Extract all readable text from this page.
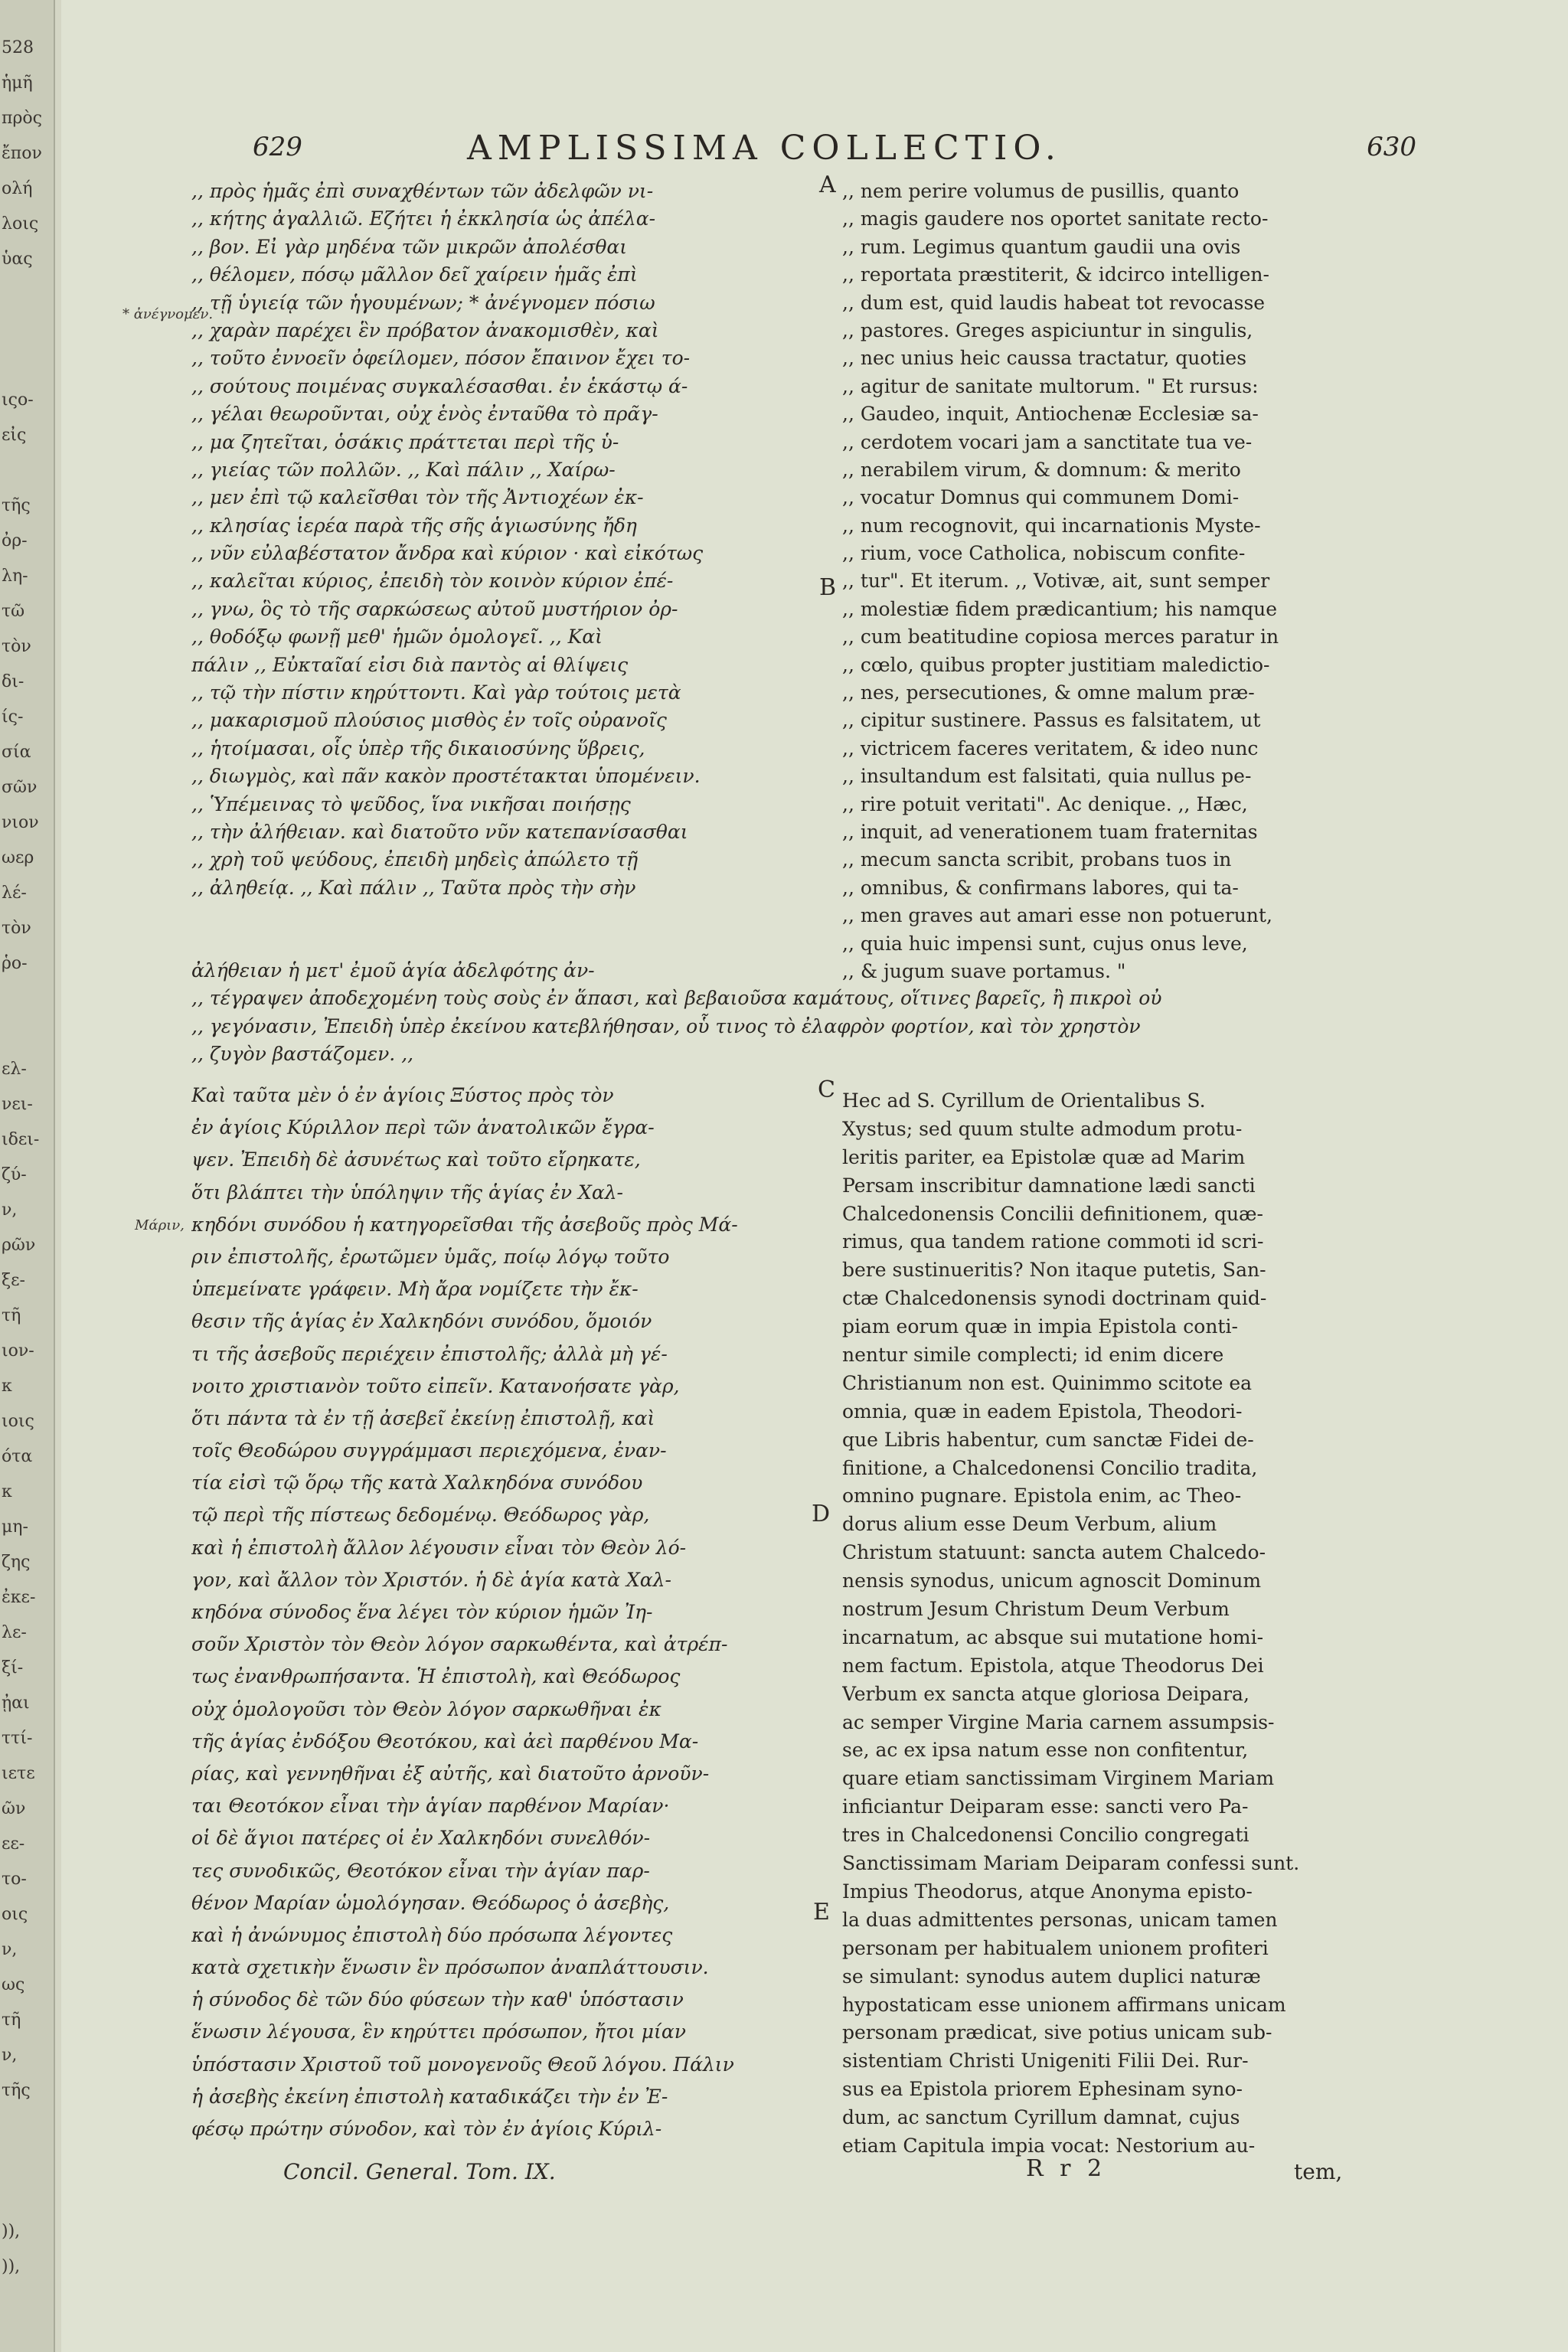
528
ἡμῆ
πρὸς
ἔπον
ολή
λοις
ὑας
ιςο-
εἰς
τῆς
ὀρ-
λη-
τῶ
τὸν
δι-
ίς-
σία
σῶν
νιον
ωερ
λέ-
τὸν
ῥο-
ελ-
νει-
ιδει-
ζύ-
ν,
ρῶν
ξε-
τῆ
ιον-
κ
ιοις
ότα
κ
μη-
ζης
ἐκε-
λε-
ξί-
ᾖαι
ττί-
ιετε
ῶν
εε-
το-
οις
ν,
ως
τῆ
ν,
τῆς
)),
)),
629	AMPLISSIMA COLLECTIO.	630
,, πρὸς ἡμᾶς ἐπὶ συναχθέντων τῶν ἀδελφῶν νι-
,, κήτης ἀγαλλιῶ. Εζήτει ἡ ἐκκλησία ὡς ἀπέλα-
,, βον. Εἰ γὰρ μηδένα τῶν μικρῶν ἀπολέσθαι
,, θέλομεν, πόσῳ μᾶλλον δεῖ χαίρειν ἡμᾶς ἐπὶ
,, τῇ ὑγιείᾳ τῶν ἡγουμένων; * ἀνέγνομεν πόσιω
,, χαρὰν παρέχει ἓν πρόβατον ἀνακομισθὲν, καὶ
,, τοῦτο ἐννοεῖν ὀφείλομεν, πόσον ἔπαινον ἔχει το-
,, σούτους ποιμένας συγκαλέσασθαι. ἐν ἑκάστῳ ά-
,, γέλαι θεωροῦνται, οὐχ ἑνὸς ἐνταῦθα τὸ πρᾶγ-
,, μα ζητεῖται, ὁσάκις πράττεται περὶ τῆς ὑ-
,, γιείας τῶν πολλῶν. ,, Καὶ πάλιν ,, Χαίρω-
,, μεν ἐπὶ τῷ καλεῖσθαι τὸν τῆς Ἀντιοχέων ἐκ-
,, κλησίας ἱερέα παρὰ τῆς σῆς ἁγιωσύνης ἤδη
,, νῦν εὐλαβέστατον ἄνδρα καὶ κύριον · καὶ εἰκότως
,, καλεῖται κύριος, ἐπειδὴ τὸν κοινὸν κύριον ἐπέ-
,, γνω, ὃς τὸ τῆς σαρκώσεως αὐτοῦ μυστήριον ὀρ-
,, θοδόξῳ φωνῇ μεθ' ἡμῶν ὁμολογεῖ. ,, Καὶ
πάλιν ,, Εὐκταῖαί εἰσι διὰ παντὸς αἱ θλίψεις
,, τῷ τὴν πίστιν κηρύττοντι. Καὶ γὰρ τούτοις μετὰ
,, μακαρισμοῦ πλούσιος μισθὸς ἐν τοῖς οὐρανοῖς
,, ἡτοίμασαι, οἷς ὑπὲρ τῆς δικαιοσύνης ὕβρεις,
,, διωγμὸς, καὶ πᾶν κακὸν προστέτακται ὑπομένειν.
,, Ὑπέμεινας τὸ ψεῦδος, ἵνα νικῆσαι ποιήσῃς
,, τὴν ἀλήθειαν. καὶ διατοῦτο νῦν κατεπανίσασθαι
,, χρὴ τοῦ ψεύδους, ἐπειδὴ μηδεὶς ἀπώλετο τῇ
,, ἀληθείᾳ. ,, Καὶ πάλιν ,, Ταῦτα πρὸς τὴν σὴν
,, nem perire volumus de pusillis, quanto
,, magis gaudere nos oportet sanitate recto-
,, rum. Legimus quantum gaudii una ovis
,, reportata præstiterit, & idcirco intelligen-
,, dum est, quid laudis habeat tot revocasse
,, pastores. Greges aspiciuntur in singulis,
,, nec unius heic caussa tractatur, quoties
,, agitur de sanitate multorum. " Et rursus:
,, Gaudeo, inquit, Antiochenæ Ecclesiæ sa-
,, cerdotem vocari jam a sanctitate tua ve-
,, nerabilem virum, & domnum: & merito
,, vocatur Domnus qui communem Domi-
,, num recognovit, qui incarnationis Myste-
,, rium, voce Catholica, nobiscum confite-
,, tur". Et iterum. ,, Votivæ, ait, sunt semper
,, molestiæ fidem prædicantium; his namque
,, cum beatitudine copiosa merces paratur in
,, cœlo, quibus propter justitiam maledictio-
,, nes, persecutiones, & omne malum præ-
,, cipitur sustinere. Passus es falsitatem, ut
,, victricem faceres veritatem, & ideo nunc
,, insultandum est falsitati, quia nullus pe-
,, rire potuit veritati". Ac denique. ,, Hæc,
,, inquit, ad venerationem tuam fraternitas
,, mecum sancta scribit, probans tuos in
,, omnibus, & confirmans labores, qui ta-
,, men graves aut amari esse non potuerunt,
,, quia huic impensi sunt, cujus onus leve,
,, & jugum suave portamus. "
ἀλήθειαν ἡ μετ' ἐμοῦ ἁγία ἀδελφότης ἀν-
,, τέγραψεν ἀποδεχομένη τοὺς σοὺς ἐν ἅπασι, καὶ βεβαιοῦσα καμάτους, οἵτινες βαρεῖς, ἢ πικροὶ οὐ
,, γεγόνασιν, Ἐπειδὴ ὑπὲρ ἐκείνου κατεβλήθησαν, οὗ τινος τὸ ἐλαφρὸν φορτίον, καὶ τὸν χρηστὸν
,, ζυγὸν βαστάζομεν. ,,
Καὶ ταῦτα μὲν ὁ ἐν ἁγίοις Ξύστος πρὸς τὸν
ἐν ἁγίοις Κύριλλον περὶ τῶν ἀνατολικῶν ἔγρα-
ψεν. Ἐπειδὴ δὲ ἀσυνέτως καὶ τοῦτο εἴρηκατε,
ὅτι βλάπτει τὴν ὑπόληψιν τῆς ἁγίας ἐν Χαλ-
κηδόνι συνόδου ἡ κατηγορεῖσθαι τῆς ἀσεβοῦς πρὸς Μά-
ριν ἐπιστολῆς, ἐρωτῶμεν ὑμᾶς, ποίῳ λόγῳ τοῦτο
ὑπεμείνατε γράφειν. Μὴ ἄρα νομίζετε τὴν ἔκ-
θεσιν τῆς ἁγίας ἐν Χαλκηδόνι συνόδου, ὅμοιόν
τι τῆς ἀσεβοῦς περιέχειν ἐπιστολῆς; ἀλλὰ μὴ γέ-
νοιτο χριστιανὸν τοῦτο εἰπεῖν. Κατανοήσατε γὰρ,
ὅτι πάντα τὰ ἐν τῇ ἀσεβεῖ ἐκείνῃ ἐπιστολῇ, καὶ
τοῖς Θεοδώρου συγγράμμασι περιεχόμενα, ἐναν-
τία εἰσὶ τῷ ὅρῳ τῆς κατὰ Χαλκηδόνα συνόδου
τῷ περὶ τῆς πίστεως δεδομένῳ. Θεόδωρος γὰρ,
καὶ ἡ ἐπιστολὴ ἄλλον λέγουσιν εἶναι τὸν Θεὸν λό-
γον, καὶ ἄλλον τὸν Χριστόν. ἡ δὲ ἁγία κατὰ Χαλ-
κηδόνα σύνοδος ἕνα λέγει τὸν κύριον ἡμῶν Ἰη-
σοῦν Χριστὸν τὸν Θεὸν λόγον σαρκωθέντα, καὶ ἀτρέπ-
τως ἐνανθρωπήσαντα. Ἡ ἐπιστολὴ, καὶ Θεόδωρος
οὐχ ὁμολογοῦσι τὸν Θεὸν λόγον σαρκωθῆναι ἐκ
τῆς ἁγίας ἐνδόξου Θεοτόκου, καὶ ἀεὶ παρθένου Μα-
ρίας, καὶ γεννηθῆναι ἐξ αὐτῆς, καὶ διατοῦτο ἀρνοῦν-
ται Θεοτόκον εἶναι τὴν ἁγίαν παρθένον Μαρίαν·
οἱ δὲ ἅγιοι πατέρες οἱ ἐν Χαλκηδόνι συνελθόν-
τες συνοδικῶς, Θεοτόκον εἶναι τὴν ἁγίαν παρ-
θένον Μαρίαν ὡμολόγησαν. Θεόδωρος ὁ ἀσεβὴς,
καὶ ἡ ἀνώνυμος ἐπιστολὴ δύο πρόσωπα λέγοντες
κατὰ σχετικὴν ἕνωσιν ἓν πρόσωπον ἀναπλάττουσιν.
ἡ σύνοδος δὲ τῶν δύο φύσεων τὴν καθ' ὑπόστασιν
ἕνωσιν λέγουσα, ἓν κηρύττει πρόσωπον, ἤτοι μίαν
ὑπόστασιν Χριστοῦ τοῦ μονογενοῦς Θεοῦ λόγου. Πάλιν
ἡ ἀσεβὴς ἐκείνη ἐπιστολὴ καταδικάζει τὴν ἐν Ἐ-
φέσῳ πρώτην σύνοδον, καὶ τὸν ἐν ἁγίοις Κύριλ-
Hec ad S. Cyrillum de Orientalibus S.
Xystus; sed quum stulte admodum protu-
leritis pariter, ea Epistolæ quæ ad Marim
Persam inscribitur damnatione lædi sancti
Chalcedonensis Concilii definitionem, quæ-
rimus, qua tandem ratione commoti id scri-
bere sustinueritis? Non itaque putetis, San-
ctæ Chalcedonensis synodi doctrinam quid-
piam eorum quæ in impia Epistola conti-
nentur simile complecti; id enim dicere
Christianum non est. Quinimmo scitote ea
omnia, quæ in eadem Epistola, Theodori-
que Libris habentur, cum sanctæ Fidei de-
finitione, a Chalcedonensi Concilio tradita,
omnino pugnare. Epistola enim, ac Theo-
dorus alium esse Deum Verbum, alium
Christum statuunt: sancta autem Chalcedo-
nensis synodus, unicum agnoscit Dominum
nostrum Jesum Christum Deum Verbum
incarnatum, ac absque sui mutatione homi-
nem factum. Epistola, atque Theodorus Dei
Verbum ex sancta atque gloriosa Deipara,
ac semper Virgine Maria carnem assumpsis-
se, ac ex ipsa natum esse non confitentur,
quare etiam sanctissimam Virginem Mariam
inficiantur Deiparam esse: sancti vero Pa-
tres in Chalcedonensi Concilio congregati
Sanctissimam Mariam Deiparam confessi sunt.
Impius Theodorus, atque Anonyma episto-
la duas admittentes personas, unicam tamen
personam per habitualem unionem profiteri
se simulant: synodus autem duplici naturæ
hypostaticam esse unionem affirmans unicam
personam prædicat, sive potius unicam sub-
sistentiam Christi Unigeniti Filii Dei. Rur-
sus ea Epistola priorem Ephesinam syno-
dum, ac sanctum Cyrillum damnat, cujus
etiam Capitula impia vocat: Nestorium au-
A
B
C
D
E
* ἀνέγνομεν.
Μάριν,
Concil. General. Tom. IX.	R r 2	tem,
